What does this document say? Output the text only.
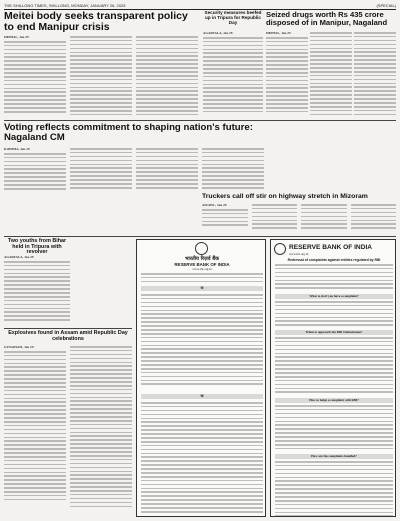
THE SHILLONG TIMES, SHILLONG, MONDAY, JANUARY 26, 2025	(SPECIAL)
Meitei body seeks transparent policy to end Manipur crisis
IMPHAL, Jan 25:
Security measures beefed up in Tripura for Republic Day
AGARTALA, Jan 25:
Seized drugs worth Rs 435 crore disposed of in Manipur, Nagaland
IMPHAL, Jan 25:
Voting reflects commitment to shaping nation's future: Nagaland CM
KOHIMA, Jan 25:
Truckers call off stir on highway stretch in Mizoram
AIZAWL, Jan 25:
Two youths from Bihar held in Tripura with revolver
AGARTALA, Jan 25:
Explosives found in Assam amid Republic Day celebrations
GUWAHATI, Jan 25:
भारतीय रिज़र्व बैंक
RESERVE BANK OF INDIA
www.rbi.org.in
क
ख
RESERVE BANK OF INDIA
www.rbi.org.in
Redressal of complaints against entities regulated by RBI
What to do if you have a complaint?
When to approach the RBI Ombudsman?
How to lodge a complaint with RBI?
How are the complaints handled?
